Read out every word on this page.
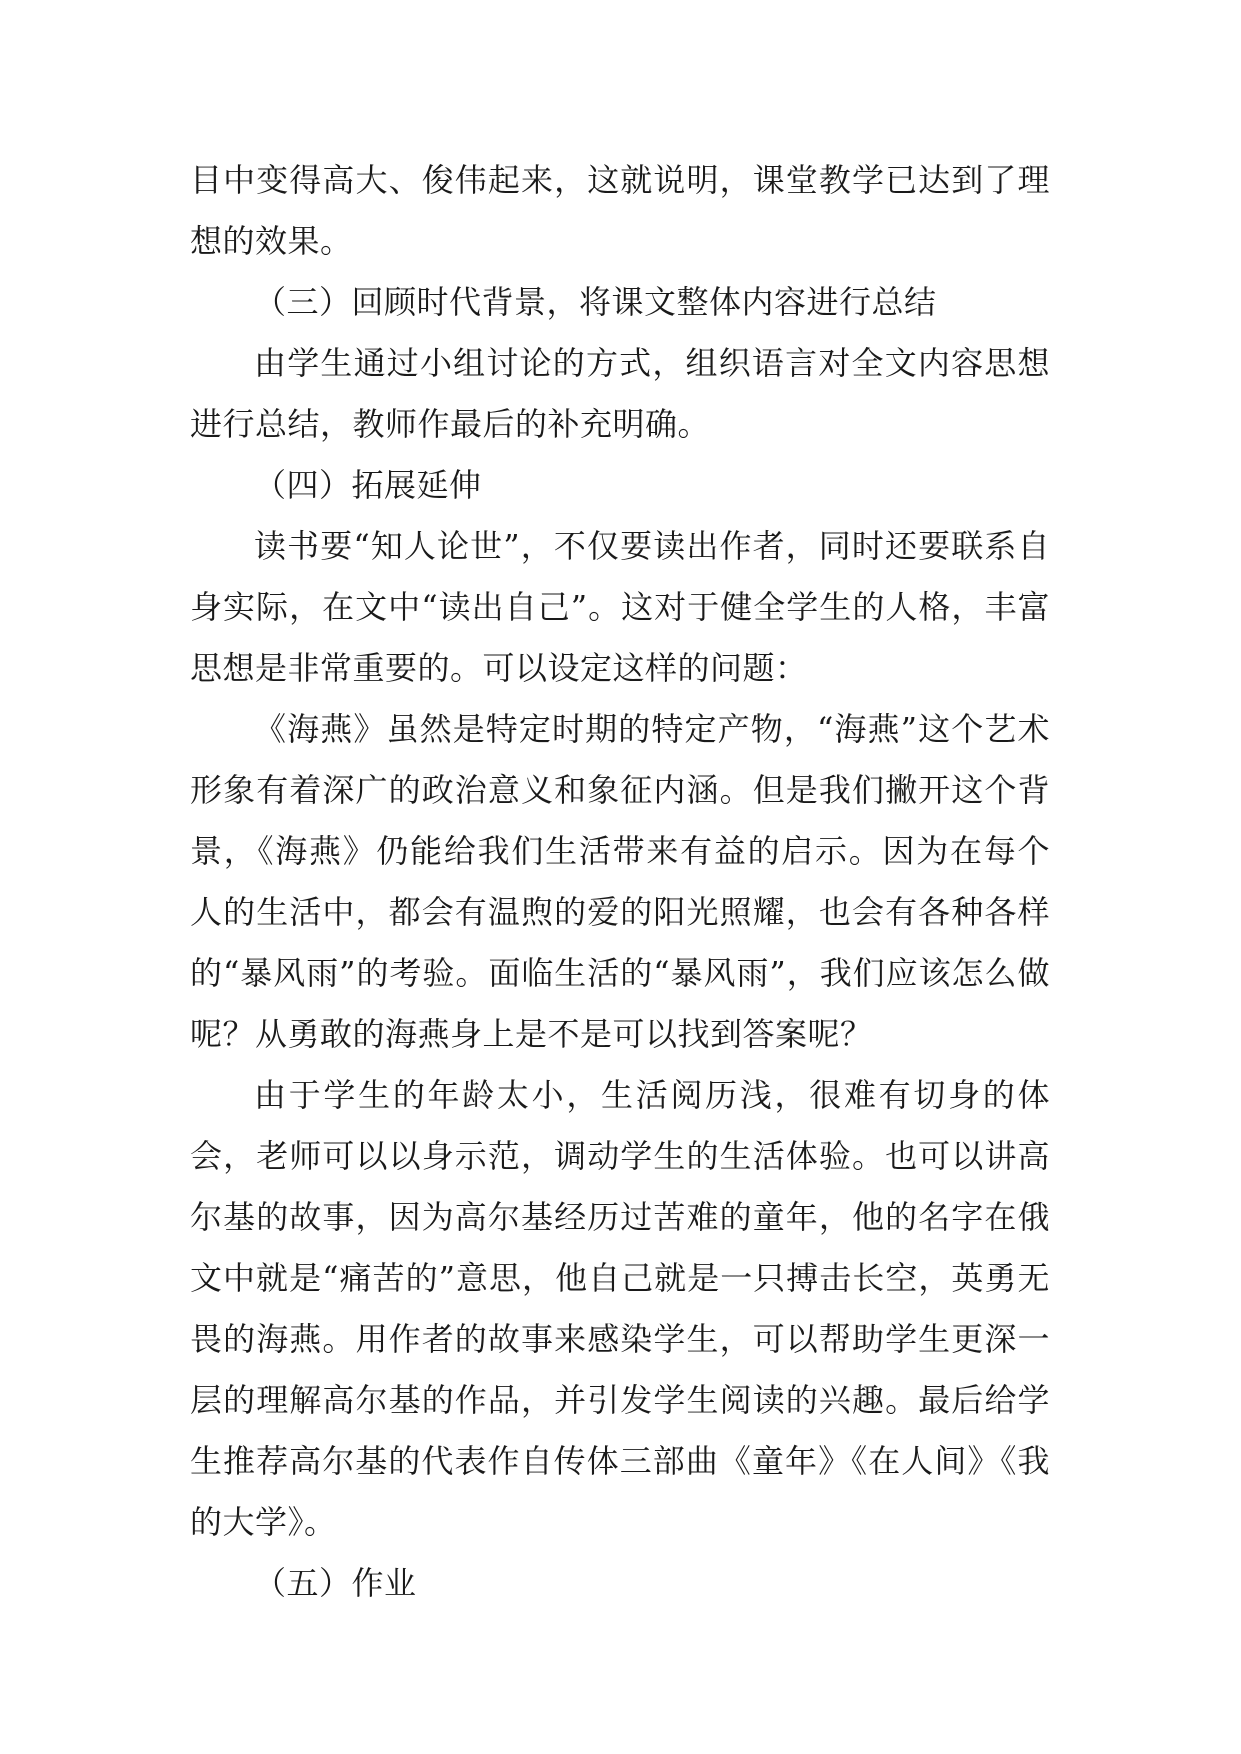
目中变得高大、俊伟起来，这就说明，课堂教学已达到了理想的效果。

（三）回顾时代背景，将课文整体内容进行总结

由学生通过小组讨论的方式，组织语言对全文内容思想进行总结，教师作最后的补充明确。

（四）拓展延伸

读书要“知人论世”，不仅要读出作者，同时还要联系自身实际，在文中“读出自己”。这对于健全学生的人格，丰富思想是非常重要的。可以设定这样的问题：

《海燕》虽然是特定时期的特定产物，“海燕”这个艺术形象有着深广的政治意义和象征内涵。但是我们撇开这个背景，《海燕》仍能给我们生活带来有益的启示。因为在每个人的生活中，都会有温煦的爱的阳光照耀，也会有各种各样的“暴风雨”的考验。面临生活的“暴风雨”，我们应该怎么做呢？从勇敢的海燕身上是不是可以找到答案呢？

由于学生的年龄太小，生活阅历浅，很难有切身的体会，老师可以以身示范，调动学生的生活体验。也可以讲高尔基的故事，因为高尔基经历过苦难的童年，他的名字在俄文中就是“痛苦的”意思，他自己就是一只搏击长空，英勇无畏的海燕。用作者的故事来感染学生，可以帮助学生更深一层的理解高尔基的作品，并引发学生阅读的兴趣。最后给学生推荐高尔基的代表作自传体三部曲《童年》《在人间》《我的大学》。

（五）作业
